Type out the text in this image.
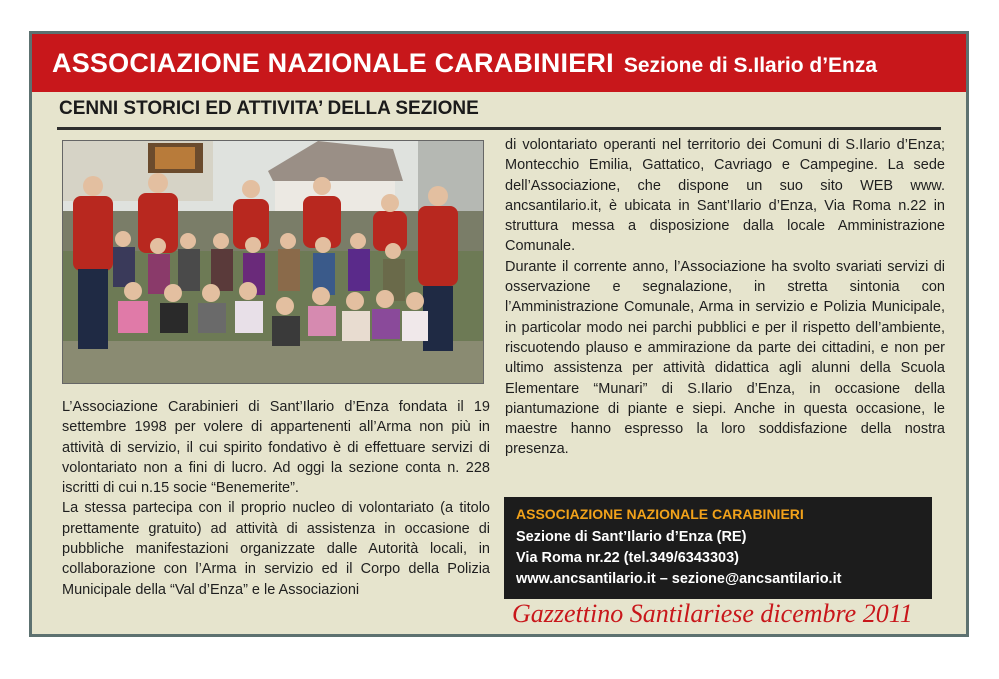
ASSOCIAZIONE NAZIONALE CARABINIERI Sezione di S.Ilario d’Enza
CENNI STORICI ED ATTIVITA’ DELLA SEZIONE

L’Associazione Carabinieri di Sant’Ilario d’Enza fondata il 19 settembre 1998 per volere di appartenenti all’Arma non più in attività di servizio, il cui spirito fondativo è di effettuare servizi di volontariato non a fini di lucro. Ad oggi la sezione conta n. 228 iscritti di cui n.15 socie “Benemerite”.

La stessa partecipa con il proprio nucleo di volontariato (a titolo prettamente gratuito) ad attività di assistenza in occasione di pubbliche manifestazioni organizzate dalle Autorità locali, in collaborazione con l’Arma in servizio ed il Corpo della Polizia Municipale della “Val d’Enza” e le Associazioni

di volontariato operanti nel territorio dei Comuni di S.Ilario d’Enza; Montecchio Emilia, Gattatico, Cavriago e Campegine. La sede dell’Associazione, che dispone un suo sito WEB www. ancsantilario.it, è ubicata in Sant’Ilario d’Enza, Via Roma n.22 in struttura messa a disposizione dalla locale Amministrazione Comunale.

Durante il corrente anno, l’Associazione ha svolto svariati servizi di osservazione e segnalazione, in stretta sintonia con l’Amministrazione Comunale, Arma in servizio e Polizia Municipale, in particolar modo nei parchi pubblici e per il rispetto dell’ambiente, riscuotendo plauso e ammirazione da parte dei cittadini, e non per ultimo assistenza per attività didattica agli alunni della Scuola Elementare “Munari” di S.Ilario d’Enza, in occasione della piantumazione di piante e siepi. Anche in questa occasione, le maestre hanno espresso la loro soddisfazione della nostra presenza.

ASSOCIAZIONE NAZIONALE CARABINIERI
Sezione di Sant’Ilario d’Enza (RE)
Via Roma nr.22 (tel.349/6343303)
www.ancsantilario.it – sezione@ancsantilario.it
Gazzettino Santilariese dicembre 2011
